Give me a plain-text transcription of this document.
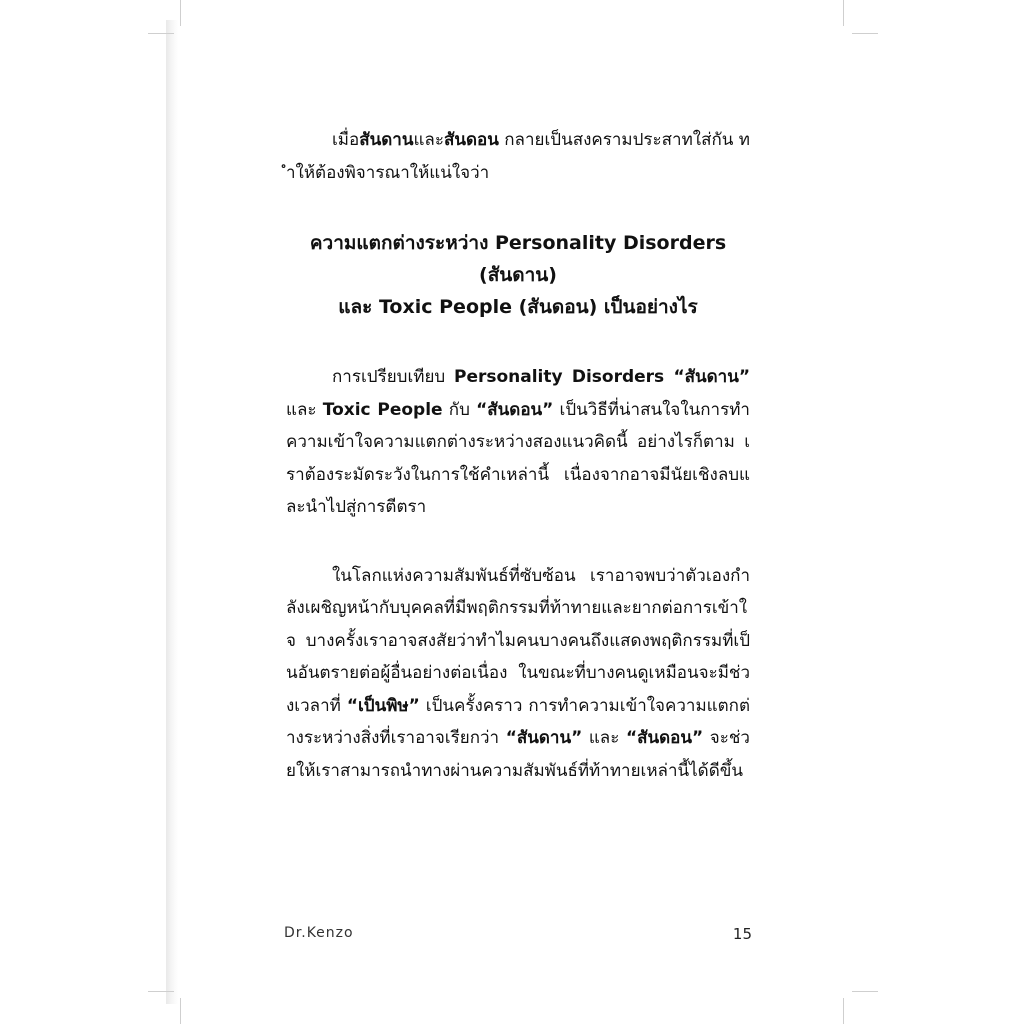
เมื่อสันดานและสันดอน กลายเป็นสงครามประสาทใส่กัน ทำให้ต้องพิจารณาให้แน่ใจว่า

ความแตกต่างระหว่าง Personality Disorders (สันดาน)
และ Toxic People (สันดอน) เป็นอย่างไร

การเปรียบเทียบ Personality Disorders “สันดาน” และ Toxic People กับ “สันดอน” เป็นวิธีที่น่าสนใจในการทำความเข้าใจความแตกต่างระหว่างสองแนวคิดนี้ อย่างไรก็ตาม เราต้องระมัดระวังในการใช้คำเหล่านี้ เนื่องจากอาจมีนัยเชิงลบและนำไปสู่การตีตรา

ในโลกแห่งความสัมพันธ์ที่ซับซ้อน เราอาจพบว่าตัวเองกำลังเผชิญหน้ากับบุคคลที่มีพฤติกรรมที่ท้าทายและยากต่อการเข้าใจ บางครั้งเราอาจสงสัยว่าทำไมคนบางคนถึงแสดงพฤติกรรมที่เป็นอันตรายต่อผู้อื่นอย่างต่อเนื่อง ในขณะที่บางคนดูเหมือนจะมีช่วงเวลาที่ “เป็นพิษ” เป็นครั้งคราว การทำความเข้าใจความแตกต่างระหว่างสิ่งที่เราอาจเรียกว่า “สันดาน” และ “สันดอน” จะช่วยให้เราสามารถนำทางผ่านความสัมพันธ์ที่ท้าทายเหล่านี้ได้ดีขึ้น

Dr.Kenzo	15
